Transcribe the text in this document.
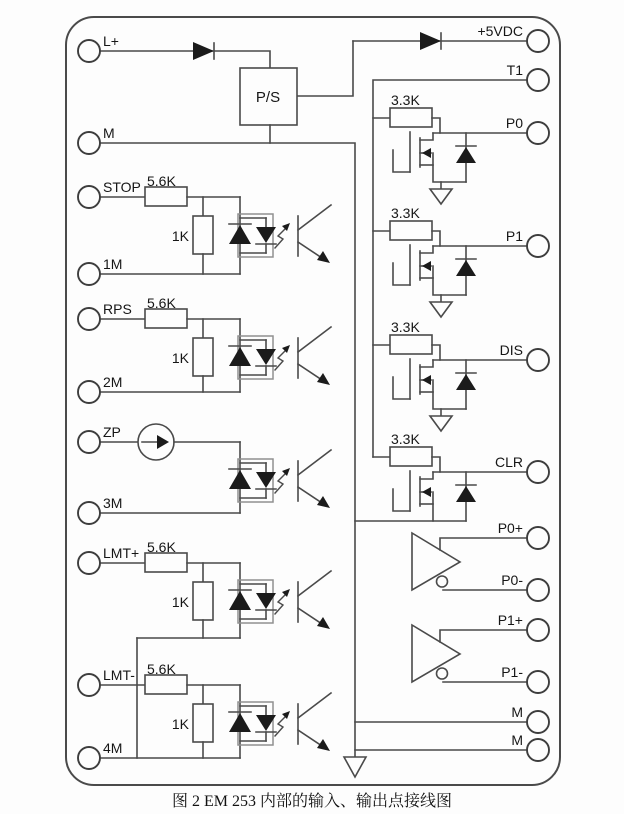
L+
M
STOP
1M
RPS
2M
ZP
3M
LMT+
LMT-
4M
+5VDC
T1
P0
P1
DIS
CLR
P0+
P0-
P1+
P1-
M
M
5.6K
5.6K
5.6K
5.6K
1K
1K
1K
1K
3.3K
3.3K
3.3K
3.3K
P/S
图 2 EM 253 内部的输入、输出点接线图
